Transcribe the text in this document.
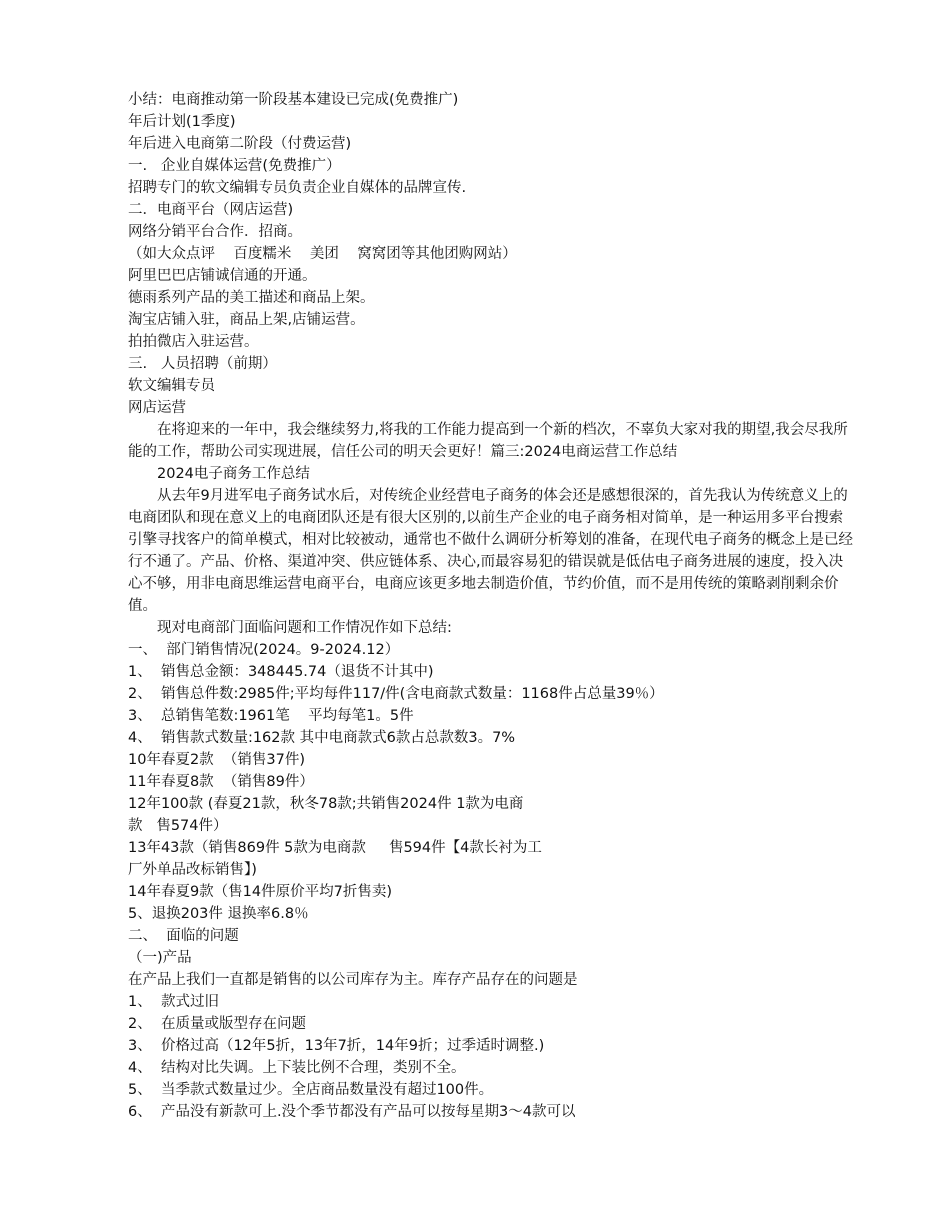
小结：电商推动第一阶段基本建设已完成(免费推广)

年后计划(1季度)

年后进入电商第二阶段（付费运营)

一.   企业自媒体运营(免费推广）

招聘专门的软文编辑专员负责企业自媒体的品牌宣传.

二．电商平台（网店运营)

网络分销平台合作．招商。

（如大众点评    百度糯米    美团    窝窝团等其他团购网站）

阿里巴巴店铺诚信通的开通。

德雨系列产品的美工描述和商品上架。

淘宝店铺入驻，商品上架,店铺运营。

拍拍微店入驻运营。

三.   人员招聘（前期）

软文编辑专员

网店运营

在将迎来的一年中，我会继续努力,将我的工作能力提高到一个新的档次，不辜负大家对我的期望,我会尽我所能的工作，帮助公司实现进展，信任公司的明天会更好！篇三:2024电商运营工作总结

2024电子商务工作总结

从去年9月进军电子商务试水后，对传统企业经营电子商务的体会还是感想很深的，首先我认为传统意义上的电商团队和现在意义上的电商团队还是有很大区别的,以前生产企业的电子商务相对简单，是一种运用多平台搜索引擎寻找客户的简单模式，相对比较被动，通常也不做什么调研分析筹划的准备，在现代电子商务的概念上是已经行不通了。产品、价格、渠道冲突、供应链体系、决心,而最容易犯的错误就是低估电子商务进展的速度，投入决心不够，用非电商思维运营电商平台，电商应该更多地去制造价值，节约价值，而不是用传统的策略剥削剩余价值。

现对电商部门面临问题和工作情况作如下总结:

一、  部门销售情况(2024。9-2024.12）

1、  销售总金额：348445.74（退货不计其中)

2、  销售总件数:2985件;平均每件117/件(含电商款式数量：1168件占总量39％）

3、  总销售笔数:1961笔    平均每笔1。5件

4、  销售款式数量:162款 其中电商款式6款占总款数3。7%

10年春夏2款  （销售37件)

11年春夏8款  （销售89件）

12年100款 (春夏21款，秋冬78款;共销售2024件 1款为电商

款   售574件）

13年43款（销售869件 5款为电商款     售594件【4款长衬为工

厂外单品改标销售】)

14年春夏9款（售14件原价平均7折售卖)

5、退换203件 退换率6.8％

二、  面临的问题

（一)产品

在产品上我们一直都是销售的以公司库存为主。库存产品存在的问题是

1、  款式过旧

2、  在质量或版型存在问题

3、  价格过高（12年5折，13年7折，14年9折；过季适时调整.)

4、  结构对比失调。上下装比例不合理，类别不全。

5、  当季款式数量过少。全店商品数量没有超过100件。

6、  产品没有新款可上.没个季节都没有产品可以按每星期3～4款可以
